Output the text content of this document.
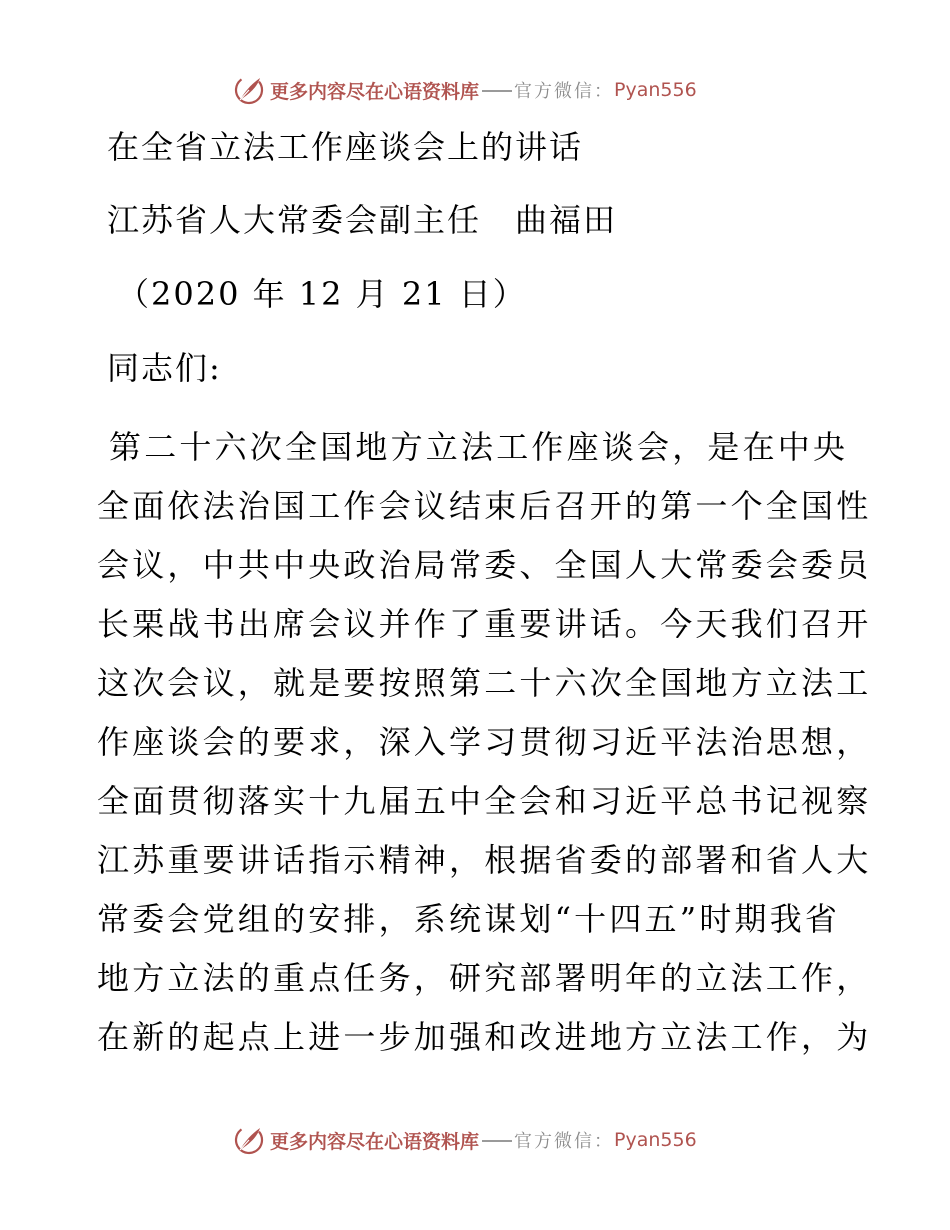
更多内容尽在心语资料库 官方微信： Pyan556
在全省立法工作座谈会上的讲话
江苏省人大常委会副主任　曲福田
（2020 年 12 月 21 日）
同志们:
第二十六次全国地方立法工作座谈会，是在中央
全面依法治国工作会议结束后召开的第一个全国性
会议，中共中央政治局常委、全国人大常委会委员
长栗战书出席会议并作了重要讲话。今天我们召开
这次会议，就是要按照第二十六次全国地方立法工
作座谈会的要求，深入学习贯彻习近平法治思想，
全面贯彻落实十九届五中全会和习近平总书记视察
江苏重要讲话指示精神，根据省委的部署和省人大
常委会党组的安排，系统谋划“十四五”时期我省
地方立法的重点任务，研究部署明年的立法工作，
在新的起点上进一步加强和改进地方立法工作，为
更多内容尽在心语资料库 官方微信： Pyan556
